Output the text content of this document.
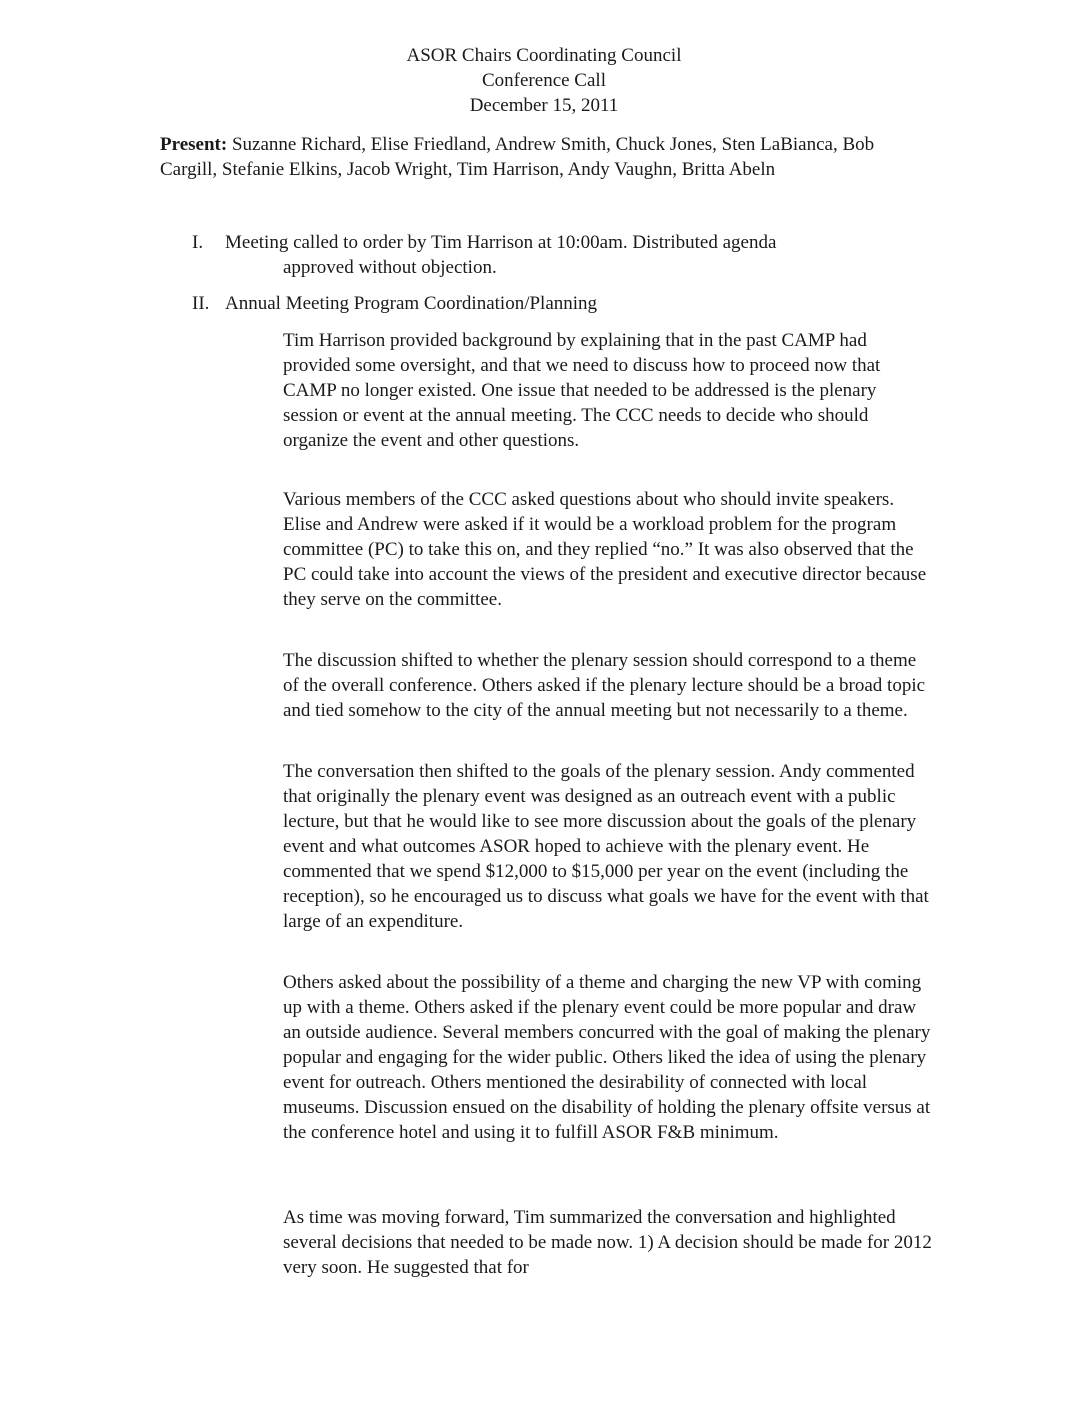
ASOR Chairs Coordinating Council
Conference Call
December 15, 2011
Present: Suzanne Richard, Elise Friedland, Andrew Smith, Chuck Jones, Sten LaBianca, Bob Cargill, Stefanie Elkins, Jacob Wright, Tim Harrison, Andy Vaughn, Britta Abeln
I.	Meeting called to order by Tim Harrison at 10:00am. Distributed agenda
approved without objection.
II. Annual Meeting Program Coordination/Planning
Tim Harrison provided background by explaining that in the past CAMP had provided some oversight, and that we need to discuss how to proceed now that CAMP no longer existed. One issue that needed to be addressed is the plenary session or event at the annual meeting. The CCC needs to decide who should organize the event and other questions.
Various members of the CCC asked questions about who should invite speakers. Elise and Andrew were asked if it would be a workload problem for the program committee (PC) to take this on, and they replied “no.” It was also observed that the PC could take into account the views of the president and executive director because they serve on the committee.
The discussion shifted to whether the plenary session should correspond to a theme of the overall conference. Others asked if the plenary lecture should be a broad topic and tied somehow to the city of the annual meeting but not necessarily to a theme.
The conversation then shifted to the goals of the plenary session. Andy commented that originally the plenary event was designed as an outreach event with a public lecture, but that he would like to see more discussion about the goals of the plenary event and what outcomes ASOR hoped to achieve with the plenary event. He commented that we spend $12,000 to $15,000 per year on the event (including the reception), so he encouraged us to discuss what goals we have for the event with that large of an expenditure.
Others asked about the possibility of a theme and charging the new VP with coming up with a theme. Others asked if the plenary event could be more popular and draw an outside audience. Several members concurred with the goal of making the plenary popular and engaging for the wider public. Others liked the idea of using the plenary event for outreach. Others mentioned the desirability of connected with local museums. Discussion ensued on the disability of holding the plenary offsite versus at the conference hotel and using it to fulfill ASOR F&B minimum.
As time was moving forward, Tim summarized the conversation and highlighted several decisions that needed to be made now. 1) A decision should be made for 2012 very soon. He suggested that for
